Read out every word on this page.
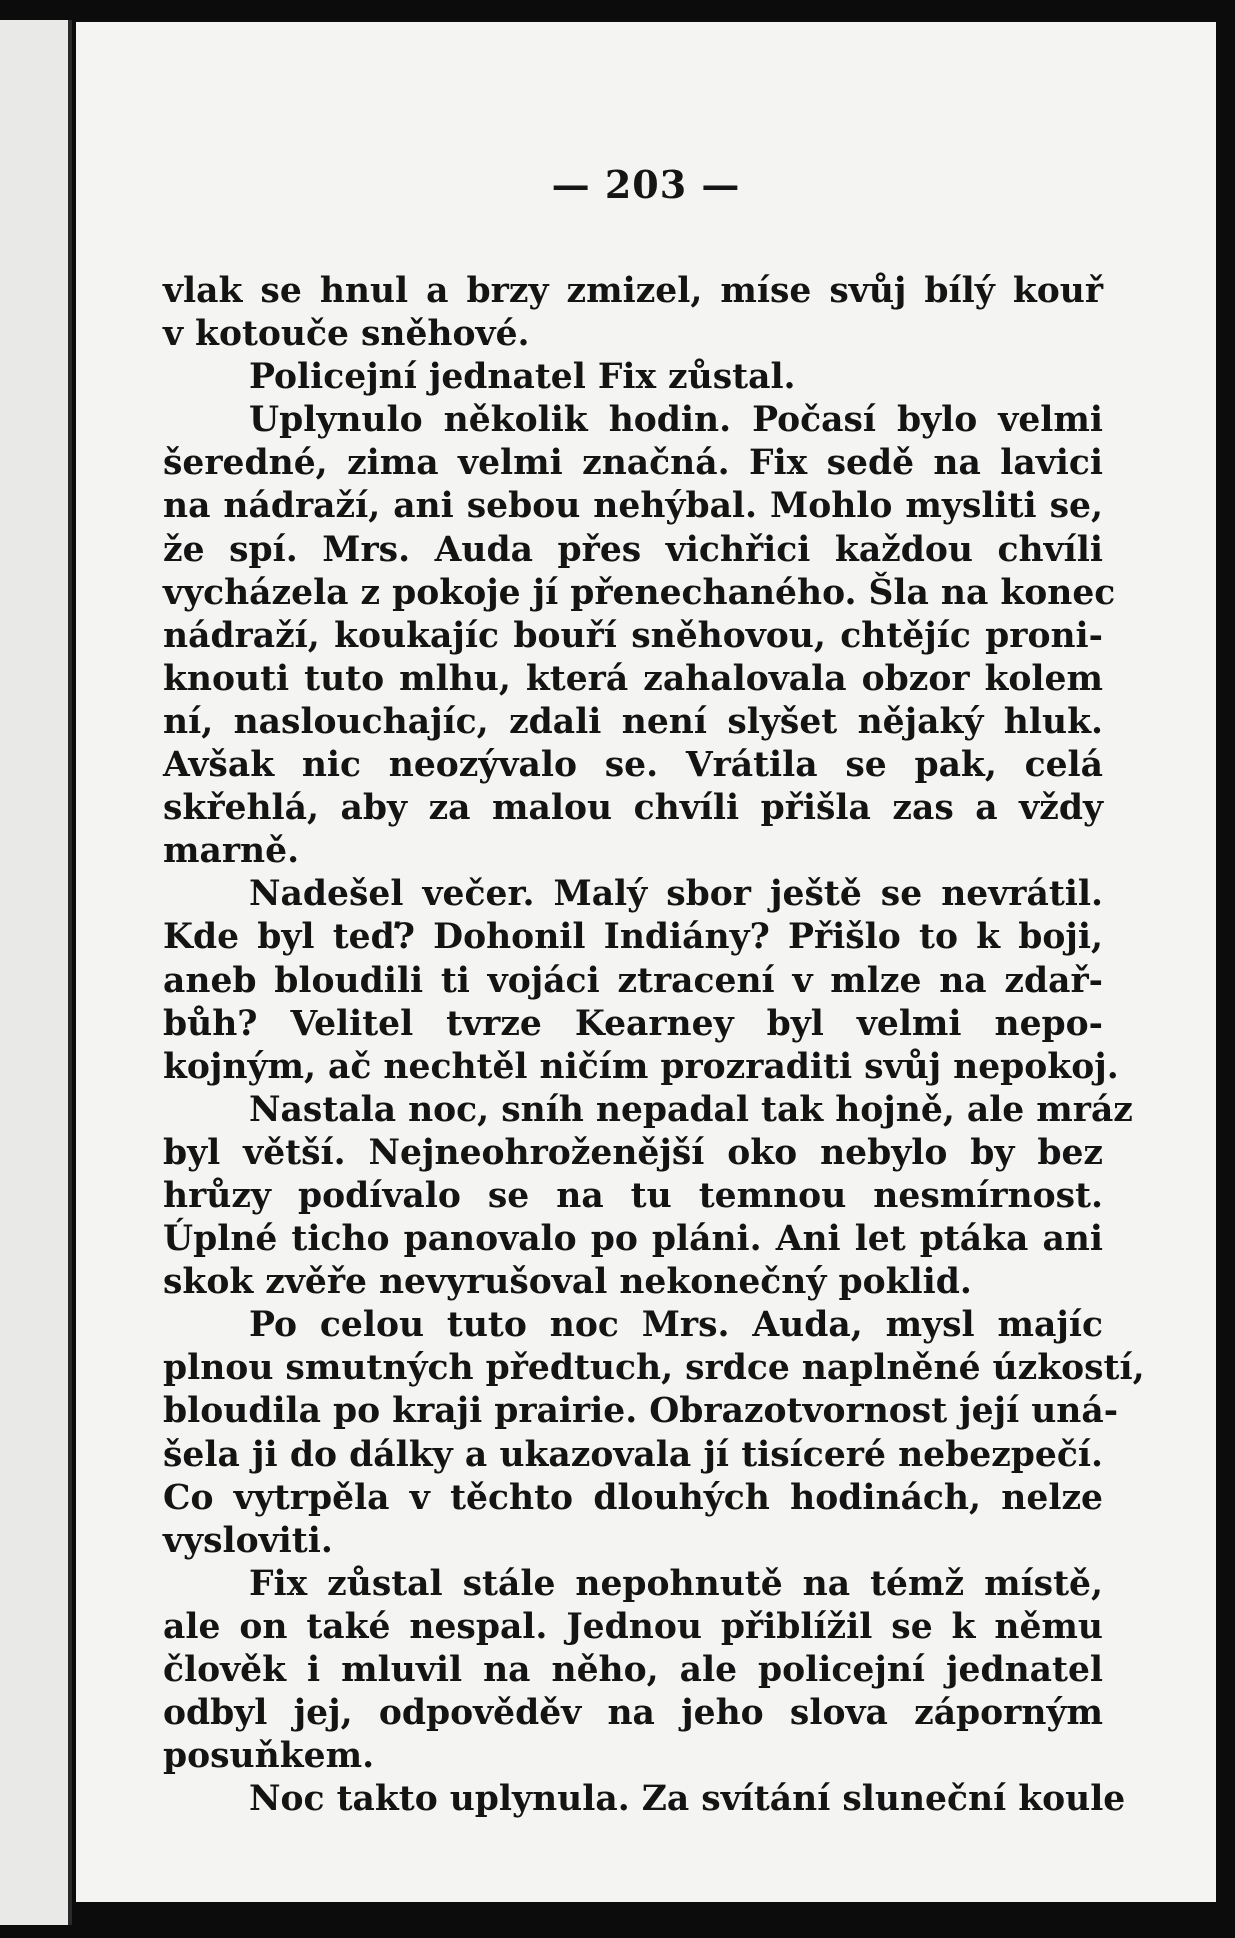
— 203 —
vlak se hnul a brzy zmizel, míse svůj bílý kouř
v kotouče sněhové.
Policejní jednatel Fix zůstal.
Uplynulo několik hodin. Počasí bylo velmi
šeredné, zima velmi značná. Fix sedě na lavici
na nádraží, ani sebou nehýbal. Mohlo mysliti se,
že spí. Mrs. Auda přes vichřici každou chvíli
vycházela z pokoje jí přenechaného. Šla na konec
nádraží, koukajíc bouří sněhovou, chtějíc proni-
knouti tuto mlhu, která zahalovala obzor kolem
ní, naslouchajíc, zdali není slyšet nějaký hluk.
Avšak nic neozývalo se. Vrátila se pak, celá
skřehlá, aby za malou chvíli přišla zas a vždy
marně.
Nadešel večer. Malý sbor ještě se nevrátil.
Kde byl teď? Dohonil Indiány? Přišlo to k boji,
aneb bloudili ti vojáci ztracení v mlze na zdař-
bůh? Velitel tvrze Kearney byl velmi nepo-
kojným, ač nechtěl ničím prozraditi svůj nepokoj.
Nastala noc, sníh nepadal tak hojně, ale mráz
byl větší. Nejneohroženější oko nebylo by bez
hrůzy podívalo se na tu temnou nesmírnost.
Úplné ticho panovalo po pláni. Ani let ptáka ani
skok zvěře nevyrušoval nekonečný poklid.
Po celou tuto noc Mrs. Auda, mysl majíc
plnou smutných předtuch, srdce naplněné úzkostí,
bloudila po kraji prairie. Obrazotvornost její uná-
šela ji do dálky a ukazovala jí tisíceré nebezpečí.
Co vytrpěla v těchto dlouhých hodinách, nelze
vysloviti.
Fix zůstal stále nepohnutě na témž místě,
ale on také nespal. Jednou přiblížil se k němu
člověk i mluvil na něho, ale policejní jednatel
odbyl jej, odpověděv na jeho slova záporným
posuňkem.
Noc takto uplynula. Za svítání sluneční koule
